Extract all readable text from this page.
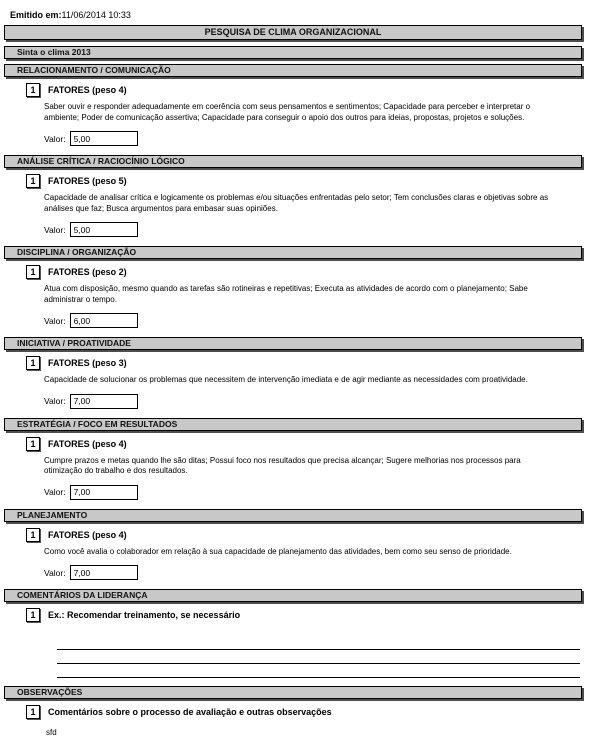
Emitido em:11/06/2014 10:33
PESQUISA DE CLIMA ORGANIZACIONAL
Sinta o clima 2013
RELACIONAMENTO / COMUNICAÇÃO
1	FATORES (peso 4)

Saber ouvir e responder adequadamente em coerência com seus pensamentos e sentimentos; Capacidade para perceber e interpretar o ambiente; Poder de comunicação assertiva; Capacidade para conseguir o apoio dos outros para ideias, propostas, projetos e soluções.

Valor:
5,00
ANÁLISE CRÍTICA / RACIOCÍNIO LÓGICO
1	FATORES (peso 5)

Capacidade de analisar crítica e logicamente os problemas e/ou situações enfrentadas pelo setor; Tem conclusões claras e objetivas sobre as análises que faz; Busca argumentos para embasar suas opiniões.

Valor:
5,00
DISCIPLINA / ORGANIZAÇÃO
1	FATORES (peso 2)

Atua com disposição, mesmo quando as tarefas são rotineiras e repetitivas; Executa as atividades de acordo com o planejamento; Sabe administrar o tempo.

Valor:
6,00
INICIATIVA / PROATIVIDADE
1	FATORES (peso 3)

Capacidade de solucionar os problemas que necessitem de intervenção imediata e de agir mediante as necessidades com proatividade.

Valor:
7,00
ESTRATÉGIA / FOCO EM RESULTADOS
1	FATORES (peso 4)

Cumpre prazos e metas quando lhe são ditas; Possui foco nos resultados que precisa alcançar; Sugere melhorias nos processos para otimização do trabalho e dos resultados.

Valor:
7,00
PLANEJAMENTO
1	FATORES (peso 4)

Como você avalia o colaborador em relação à sua capacidade de planejamento das atividades, bem como seu senso de prioridade.

Valor:
7,00
COMENTÁRIOS DA LIDERANÇA
1	Ex.: Recomendar treinamento, se necessário
OBSERVAÇÕES
1	Comentários sobre o processo de avaliação e outras observações
sfd
